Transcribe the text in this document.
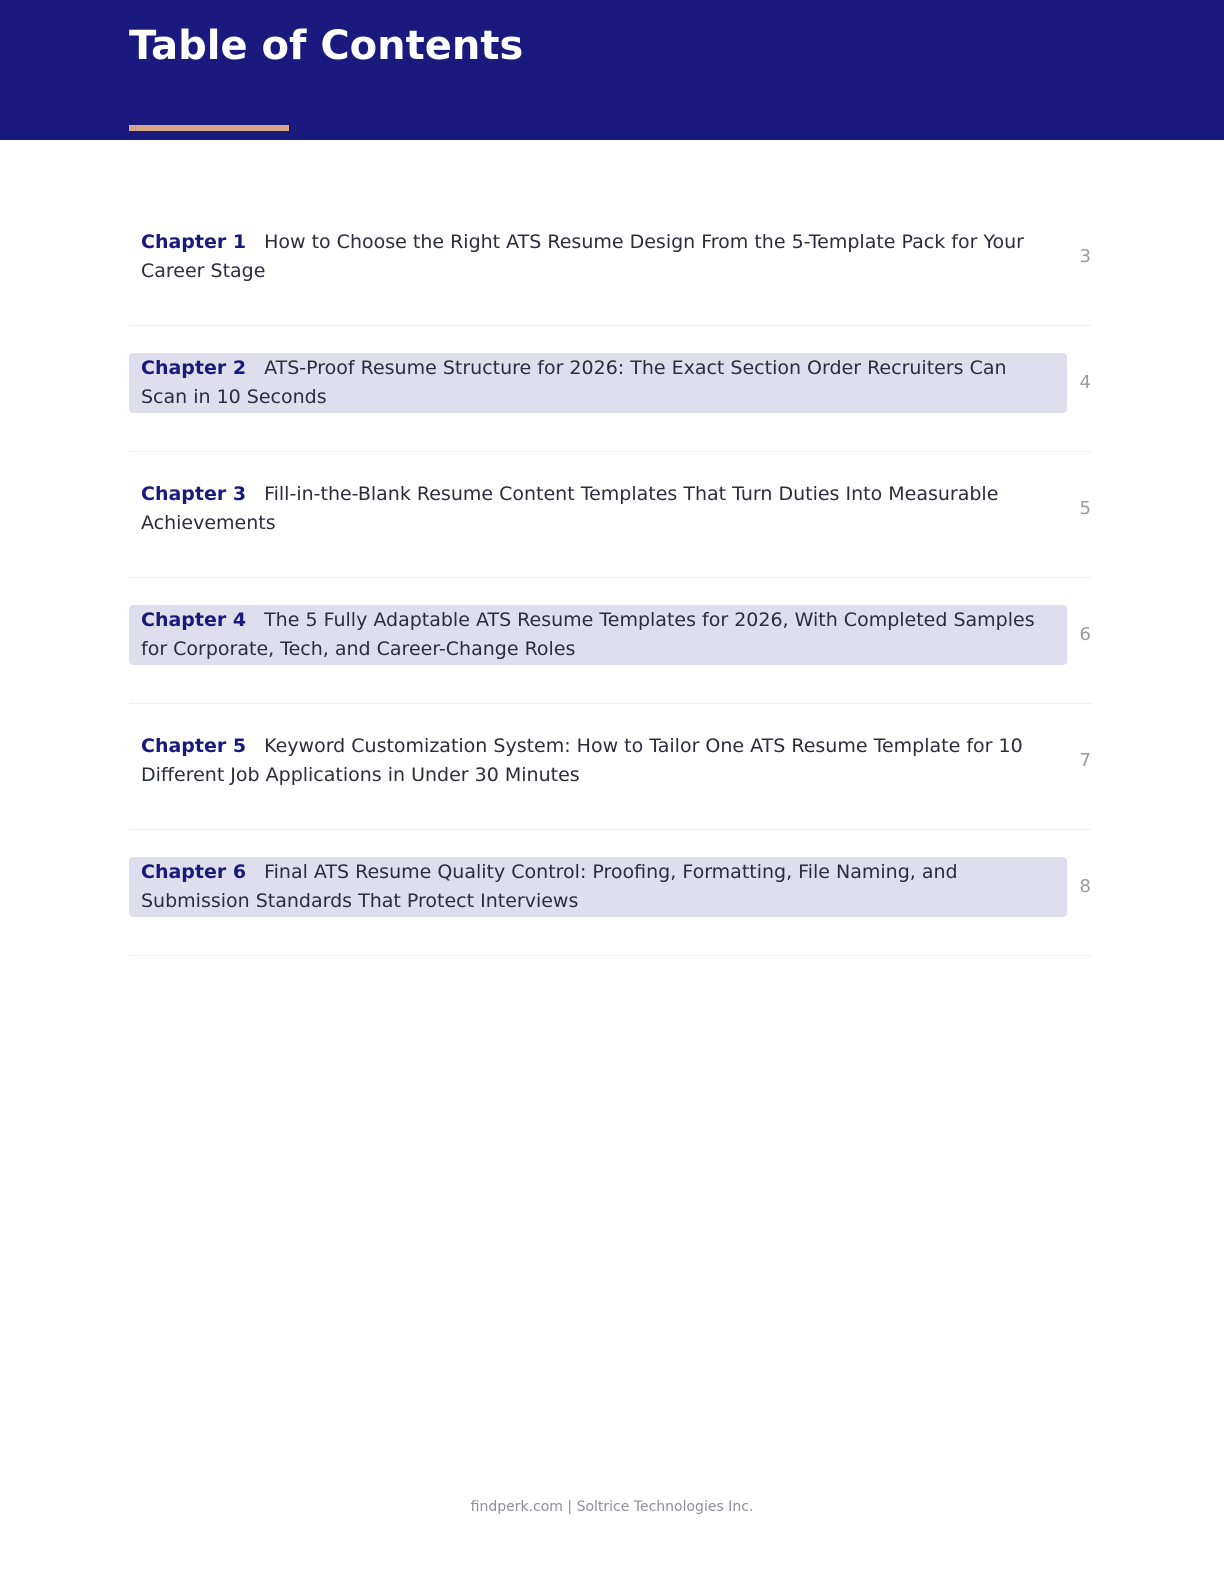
Table of Contents
Chapter 1 How to Choose the Right ATS Resume Design From the 5-Template Pack for Your Career Stage
3
Chapter 2 ATS-Proof Resume Structure for 2026: The Exact Section Order Recruiters Can Scan in 10 Seconds
4
Chapter 3 Fill-in-the-Blank Resume Content Templates That Turn Duties Into Measurable Achievements
5
Chapter 4 The 5 Fully Adaptable ATS Resume Templates for 2026, With Completed Samples for Corporate, Tech, and Career-Change Roles
6
Chapter 5 Keyword Customization System: How to Tailor One ATS Resume Template for 10 Different Job Applications in Under 30 Minutes
7
Chapter 6 Final ATS Resume Quality Control: Proofing, Formatting, File Naming, and Submission Standards That Protect Interviews
8
findperk.com | Soltrice Technologies Inc.
